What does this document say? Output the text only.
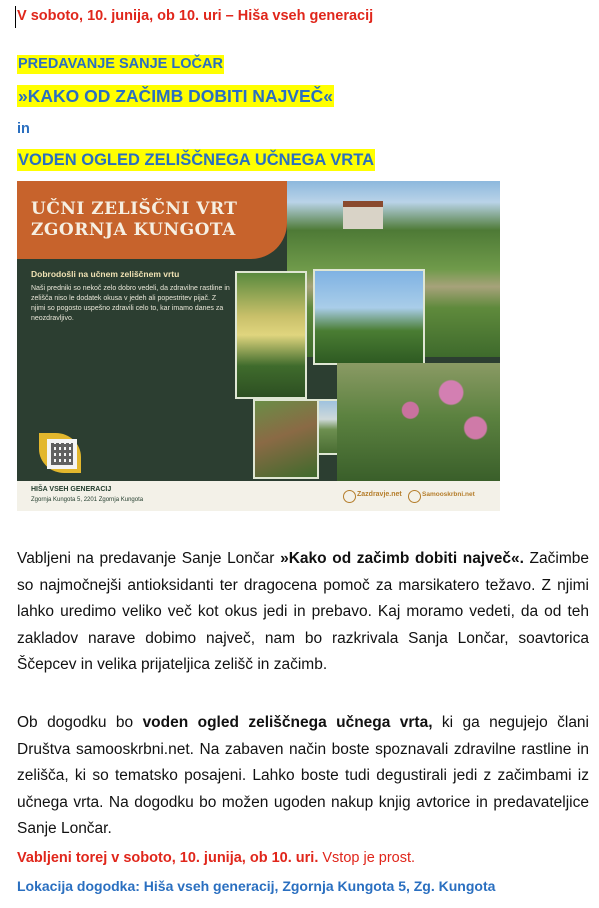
V soboto, 10. junija, ob 10. uri – Hiša vseh generacij
PREDAVANJE SANJE LOČAR
»KAKO OD ZAČIMB DOBITI NAJVEČ«
in
VODEN OGLED ZELIŠČNEGA UČNEGA VRTA
UČNI ZELIŠČNI VRT
ZGORNJA KUNGOTA
Dobrodošli na učnem zeliščnem vrtu
Naši predniki so nekoč zelo dobro vedeli, da zdravilne rastline in zelišča niso le dodatek okusa v jedeh ali popestritev pijač. Z njimi so pogosto uspešno zdravili celo to, kar imamo danes za neozdravljivo.
HIŠA VSEH GENERACIJ
Zgornja Kungota 5, 2201 Zgornja Kungota
Zazdravje.net	Samooskrbni.net
Vabljeni na predavanje Sanje Lončar »Kako od začimb dobiti največ«. Začimbe so najmočnejši antioksidanti ter dragocena pomoč za marsikatero težavo. Z njimi lahko uredimo veliko več kot okus jedi in prebavo. Kaj moramo vedeti, da od teh zakladov narave dobimo največ, nam bo razkrivala Sanja Lončar, soavtorica Ščepcev in velika prijateljica zelišč in začimb.
Ob dogodku bo voden ogled zeliščnega učnega vrta, ki ga negujejo člani Društva samooskrbni.net. Na zabaven način boste spoznavali zdravilne rastline in zelišča, ki so tematsko posajeni. Lahko boste tudi degustirali jedi z začimbami iz učnega vrta. Na dogodku bo možen ugoden nakup knjig avtorice in predavateljice Sanje Lončar.
Vabljeni torej v soboto, 10. junija, ob 10. uri. Vstop je prost.
Lokacija dogodka: Hiša vseh generacij, Zgornja Kungota 5, Zg. Kungota
